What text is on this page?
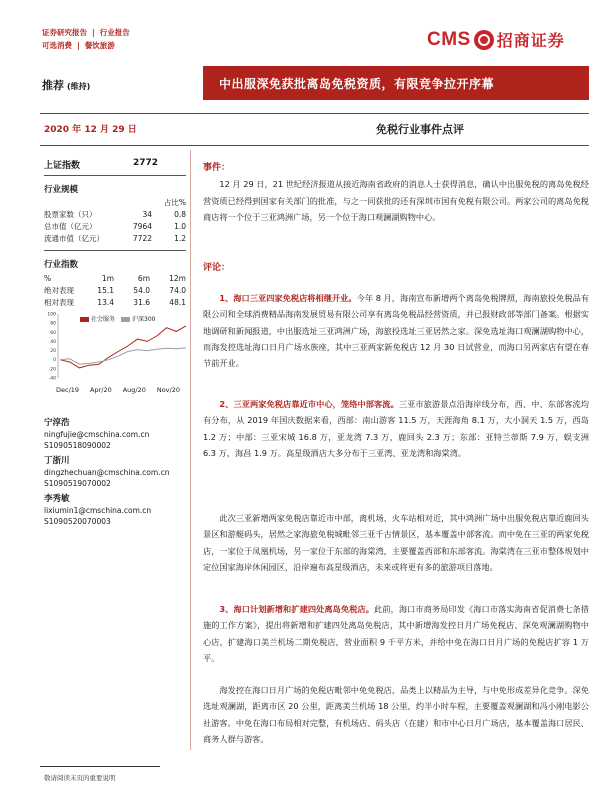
证券研究报告	| 行业报告
可选消费	| 餐饮旅游	CMS 招商证券
推荐 (维持)	中出服深免获批离岛免税资质，有限竞争拉开序幕
2020 年 12 月 29 日	免税行业事件点评
上证指数	2772
行业规模
占比%
股票家数（只）	34	0.8
总市值（亿元）	7964	1.0
流通市值（亿元）	7722	1.2
行业指数
%	1m	6m	12m
绝对表现	15.1	54.0	74.0
相对表现	13.4	31.6	48.1
100
80
60
40
20
0
-20
-40
社会服务	沪深300
Dec/19 Apr/20 Aug/20 Nov/20
宁淳浩
ningfujie@cmschina.com.cn
S1090518090002
丁浙川
dingzhechuan@cmschina.com.cn
S1090519070002
李秀敏
lixiumin1@cmschina.com.cn
S1090520070003
事件：

12 月 29 日，21 世纪经济报道从接近海南省政府的消息人士获得消息，确认中出服免税的离岛免税经营资质已经得到国家有关部门的批准，与之一同获批的还有深圳市国有免税有限公司。两家公司的离岛免税商店将一个位于三亚鸿洲广场，另一个位于海口观澜湖购物中心。

评论：

1、海口三亚四家免税店将相继开业。今年 8 月，海南宣布新增两个离岛免税牌照，海南旅投免税品有限公司和全球消费精品海南发展贸易有限公司享有离岛免税品经营资质，并已报财政部等部门备案。根据实地调研和新闻报道，中出服选址三亚鸿洲广场，海旅投选址三亚居然之家。深免选址海口观澜湖购物中心，而海发控选址海口日月广场水族座，其中三亚两家新免税店 12 月 30 日试营业，而海口另两家店有望在春节前开业。

2、三亚两家免税店靠近市中心，笼络中部客流。三亚市旅游景点沿海岸线分布，西、中、东部客流均有分布，从 2019 年国庆数据来看，西部：南山游客 11.5 万，天涯海角 8.1 万，大小洞天 1.5 万，西岛 1.2 万；中部：三亚宋城 16.8 万，亚龙湾 7.3 万，鹿回头 2.3 万；东部：亚特兰蒂斯 7.9 万，蜈支洲 6.3 万，海昌 1.9 万。高星级酒店大多分布于三亚湾、亚龙湾和海棠湾。

此次三亚新增两家免税店靠近市中部，离机场、火车站相对近，其中鸿洲广场中出服免税店靠近鹿回头景区和游艇码头，居然之家海旅免税城毗邻三亚千古情景区，基本覆盖中部客流。而中免在三亚的两家免税店，一家位于凤凰机场，另一家位于东部的海棠湾，主要覆盖西部和东部客流。海棠湾在三亚市整体规划中定位国家海岸休闲园区，沿岸遍布高星级酒店，未来或将更有多的旅游项目落地。

3、海口计划新增和扩建四处离岛免税店。此前，海口市商务局印发《海口市落实海南省促消费七条措施的工作方案》，提出将新增和扩建四处离岛免税店，其中新增海发控日月广场免税店、深免观澜湖购物中心店，扩建海口美兰机场二期免税店，营业面积 9 千平方米，并给中免在海口日月广场的免税店扩容 1 万平。

海发控在海口日月广场的免税店毗邻中免免税店，品类上以精品为主导，与中免形成差异化竞争。深免选址观澜湖，距离市区 20 公里，距离美兰机场 18 公里，约半小时车程，主要覆盖观澜湖和冯小刚电影公社游客。中免在海口布局相对完整，有机场店、码头店（在建）和市中心日月广场店，基本覆盖海口居民、商务人群与游客。

敬请阅读末页的重要说明
